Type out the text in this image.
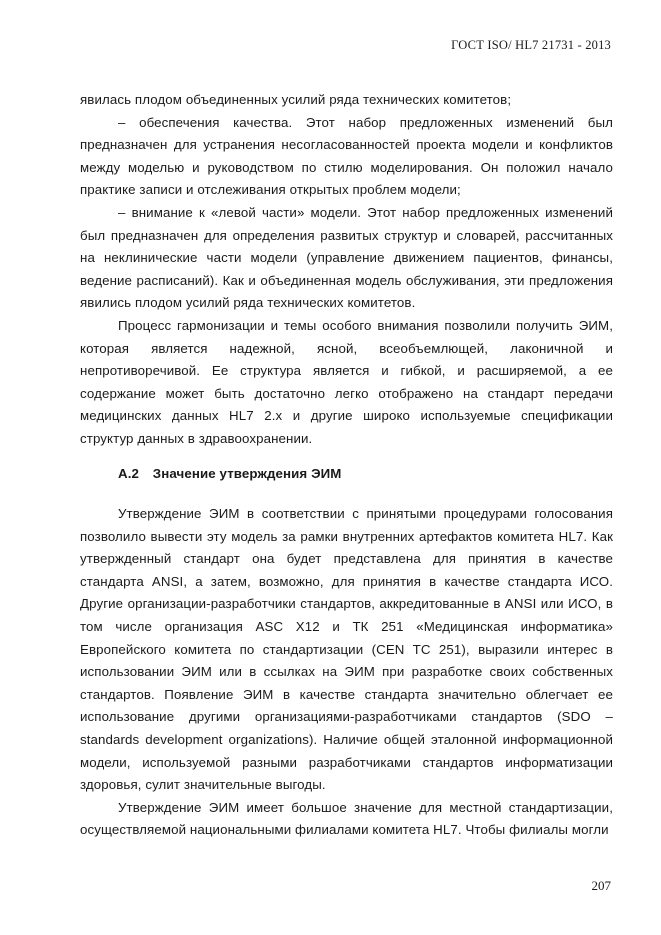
ГОСТ ISO/ HL7 21731 - 2013

явилась плодом объединенных усилий ряда технических комитетов;

– обеспечения качества. Этот набор предложенных изменений был предназначен для устранения несогласованностей проекта модели и конфликтов между моделью и руководством по стилю моделирования. Он положил начало практике записи и отслеживания открытых проблем модели;

– внимание к «левой части» модели. Этот набор предложенных изменений был предназначен для определения развитых структур и словарей, рассчитанных на неклинические части модели (управление движением пациентов, финансы, ведение расписаний). Как и объединенная модель обслуживания, эти предложения явились плодом усилий ряда технических комитетов.

Процесс гармонизации и темы особого внимания позволили получить ЭИМ, которая является надежной, ясной, всеобъемлющей, лаконичной и непротиворечивой. Ее структура является и гибкой, и расширяемой, а ее содержание может быть достаточно легко отображено на стандарт передачи медицинских данных HL7 2.x и другие широко используемые спецификации структур данных в здравоохранении.

А.2 Значение утверждения ЭИМ

Утверждение ЭИМ в соответствии с принятыми процедурами голосования позволило вывести эту модель за рамки внутренних артефактов комитета HL7. Как утвержденный стандарт она будет представлена для принятия в качестве стандарта ANSI, а затем, возможно, для принятия в качестве стандарта ИСО. Другие организации-разработчики стандартов, аккредитованные в ANSI или ИСО, в том числе организация ASC X12 и ТК 251 «Медицинская информатика» Европейского комитета по стандартизации (CEN TC 251), выразили интерес в использовании ЭИМ или в ссылках на ЭИМ при разработке своих собственных стандартов. Появление ЭИМ в качестве стандарта значительно облегчает ее использование другими организациями-разработчиками стандартов (SDO – standards development organizations). Наличие общей эталонной информационной модели, используемой разными разработчиками стандартов информатизации здоровья, сулит значительные выгоды.

Утверждение ЭИМ имеет большое значение для местной стандартизации, осуществляемой национальными филиалами комитета HL7. Чтобы филиалы могли

207
